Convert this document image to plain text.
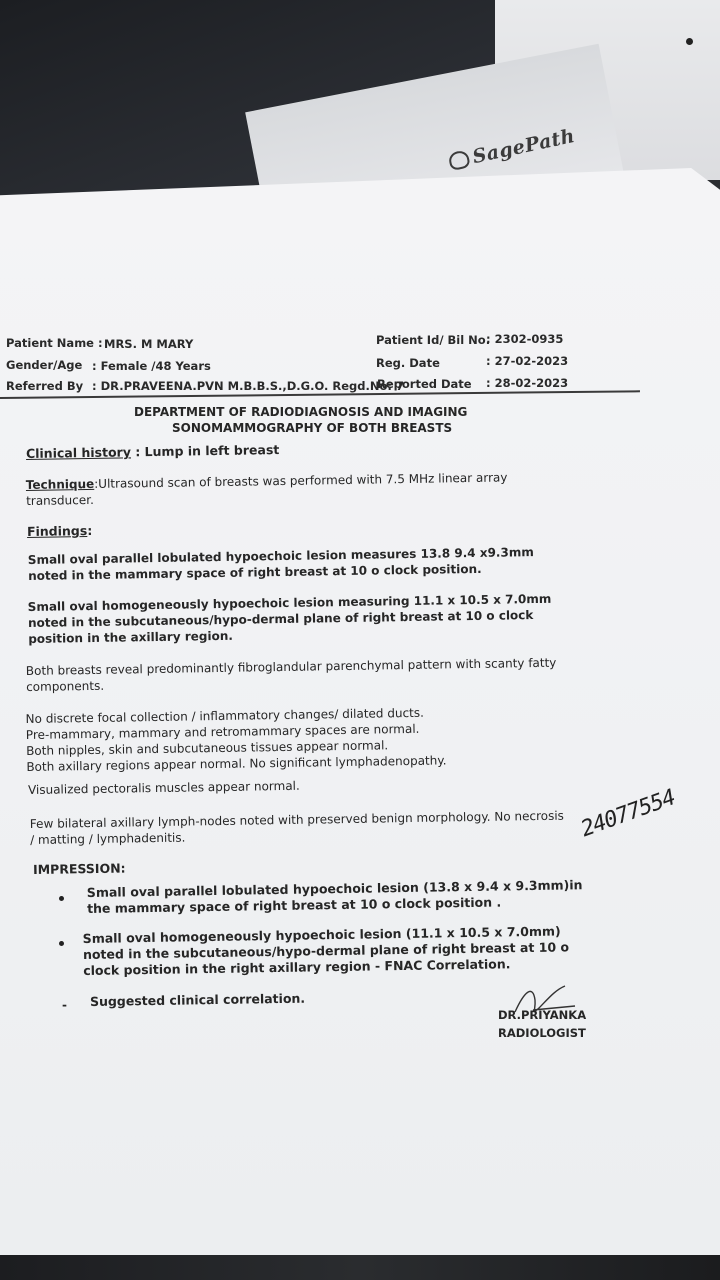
SagePath
Patient Name : MRS. M MARY
Gender/Age : Female /48 Years
Referred By : DR.PRAVEENA.PVN M.B.B.S.,D.G.O. Regd.No: 7
Reported Date
Patient Id/ Bil No.
: 2302-0935
Reg. Date	: 27-02-2023
: 28-02-2023
DEPARTMENT OF RADIODIAGNOSIS AND IMAGING
SONOMAMMOGRAPHY OF BOTH BREASTS
Clinical history : Lump in left breast
Technique:Ultrasound scan of breasts was performed with 7.5 MHz linear array
transducer.
Findings:
Small oval parallel lobulated hypoechoic lesion measures 13.8 9.4 x9.3mm
noted in the mammary space of right breast at 10 o clock position.
Small oval homogeneously hypoechoic lesion measuring 11.1 x 10.5 x 7.0mm
noted in the subcutaneous/hypo-dermal plane of right breast at 10 o clock
position in the axillary region.
Both breasts reveal predominantly fibroglandular parenchymal pattern with scanty fatty
components.
No discrete focal collection / inflammatory changes/ dilated ducts.
Pre-mammary, mammary and retromammary spaces are normal.
Both nipples, skin and subcutaneous tissues appear normal.
Both axillary regions appear normal. No significant lymphadenopathy.
Visualized pectoralis muscles appear normal.
Few bilateral axillary lymph-nodes noted with preserved benign morphology. No necrosis
/ matting / lymphadenitis.
IMPRESSION:
Small oval parallel lobulated hypoechoic lesion (13.8 x 9.4 x 9.3mm)in
the mammary space of right breast at 10 o clock position .
Small oval homogeneously hypoechoic lesion (11.1 x 10.5 x 7.0mm)
noted in the subcutaneous/hypo-dermal plane of right breast at 10 o
clock position in the right axillary region - FNAC Correlation.
- Suggested clinical correlation.
DR.PRIYANKA
RADIOLOGIST
24077554
